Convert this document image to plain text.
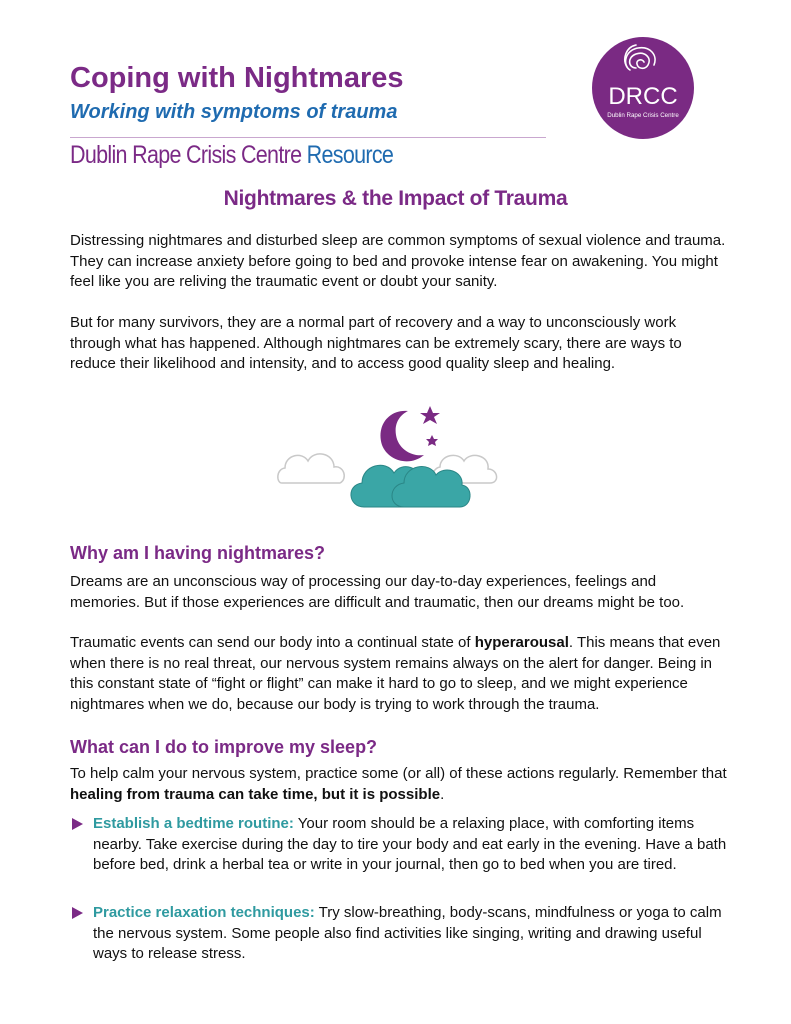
Coping with Nightmares
Working with symptoms of trauma
Dublin Rape Crisis Centre Resource
DRCC
Dublin Rape Crisis Centre
Nightmares & the Impact of Trauma

Distressing nightmares and disturbed sleep are common symptoms of sexual violence and trauma. They can increase anxiety before going to bed and provoke intense fear on awakening. You might feel like you are reliving the traumatic event or doubt your sanity.

But for many survivors, they are a normal part of recovery and a way to unconsciously work through what has happened. Although nightmares can be extremely scary, there are ways to reduce their likelihood and intensity, and to access good quality sleep and healing.

Why am I having nightmares?

Dreams are an unconscious way of processing our day-to-day experiences, feelings and memories. But if those experiences are difficult and traumatic, then our dreams might be too.

Traumatic events can send our body into a continual state of hyperarousal. This means that even when there is no real threat, our nervous system remains always on the alert for danger. Being in this constant state of “fight or flight” can make it hard to go to sleep, and we might experience nightmares when we do, because our body is trying to work through the trauma.

What can I do to improve my sleep?

To help calm your nervous system, practice some (or all) of these actions regularly. Remember that healing from trauma can take time, but it is possible.

Establish a bedtime routine: Your room should be a relaxing place, with comforting items nearby. Take exercise during the day to tire your body and eat early in the evening. Have a bath before bed, drink a herbal tea or write in your journal, then go to bed when you are tired.

Practice relaxation techniques: Try slow-breathing, body-scans, mindfulness or yoga to calm the nervous system. Some people also find activities like singing, writing and drawing useful ways to release stress.
